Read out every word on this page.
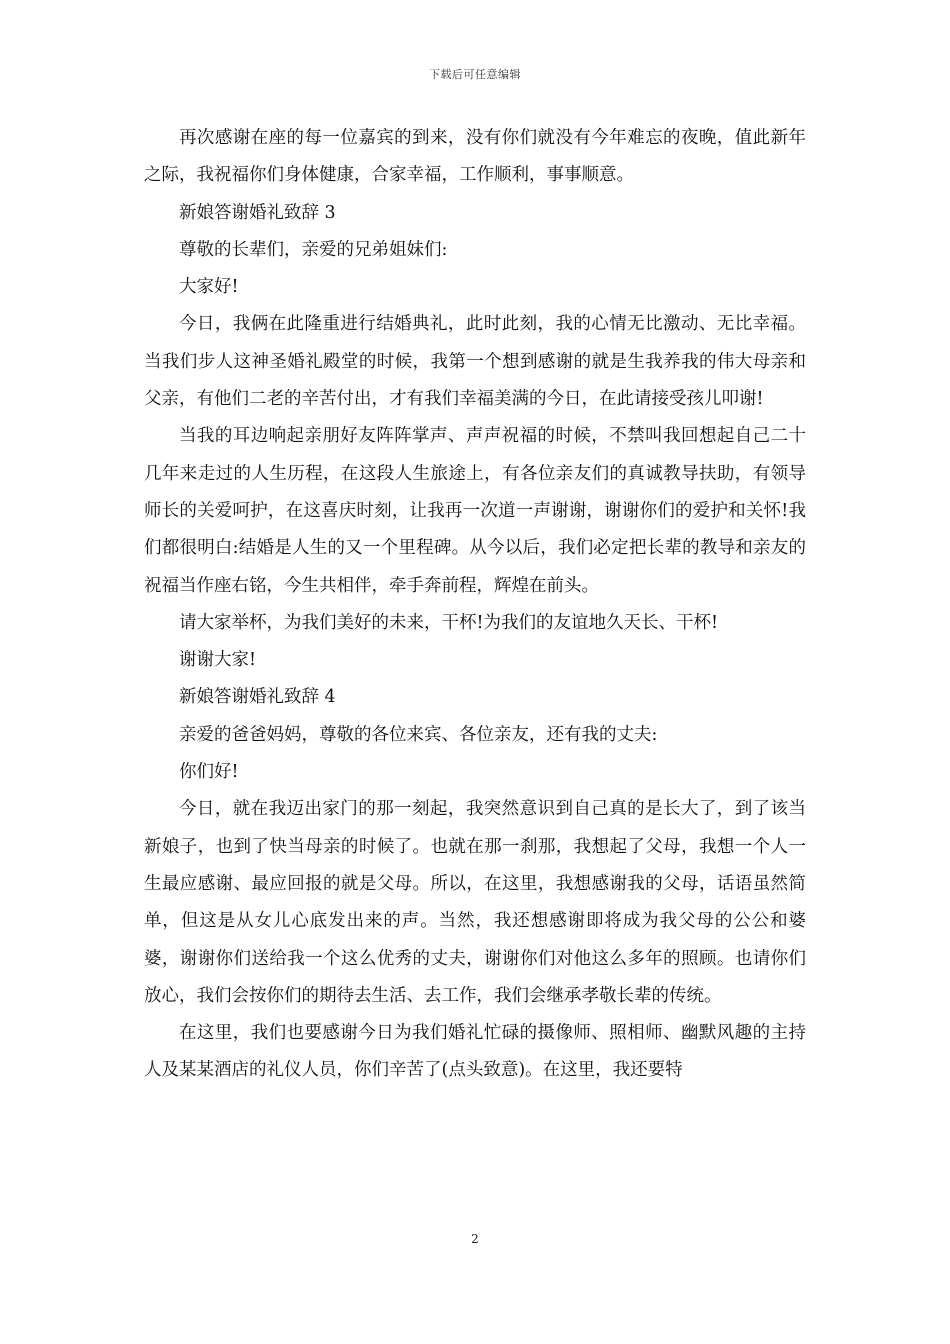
下载后可任意编辑

再次感谢在座的每一位嘉宾的到来，没有你们就没有今年难忘的夜晚，值此新年之际，我祝福你们身体健康，合家幸福，工作顺利，事事顺意。

新娘答谢婚礼致辞 3

尊敬的长辈们，亲爱的兄弟姐妹们:

大家好!

今日，我俩在此隆重进行结婚典礼，此时此刻，我的心情无比激动、无比幸福。当我们步人这神圣婚礼殿堂的时候，我第一个想到感谢的就是生我养我的伟大母亲和父亲，有他们二老的辛苦付出，才有我们幸福美满的今日，在此请接受孩儿叩谢!

当我的耳边响起亲朋好友阵阵掌声、声声祝福的时候，不禁叫我回想起自己二十几年来走过的人生历程，在这段人生旅途上，有各位亲友们的真诚教导扶助，有领导师长的关爱呵护，在这喜庆时刻，让我再一次道一声谢谢，谢谢你们的爱护和关怀!我们都很明白:结婚是人生的又一个里程碑。从今以后，我们必定把长辈的教导和亲友的祝福当作座右铭，今生共相伴，牵手奔前程，辉煌在前头。

请大家举杯，为我们美好的未来，干杯!为我们的友谊地久天长、干杯!

谢谢大家!

新娘答谢婚礼致辞 4

亲爱的爸爸妈妈，尊敬的各位来宾、各位亲友，还有我的丈夫:

你们好!

今日，就在我迈出家门的那一刻起，我突然意识到自己真的是长大了，到了该当新娘子，也到了快当母亲的时候了。也就在那一刹那，我想起了父母，我想一个人一生最应感谢、最应回报的就是父母。所以，在这里，我想感谢我的父母，话语虽然简单，但这是从女儿心底发出来的声。当然，我还想感谢即将成为我父母的公公和婆婆，谢谢你们送给我一个这么优秀的丈夫，谢谢你们对他这么多年的照顾。也请你们放心，我们会按你们的期待去生活、去工作，我们会继承孝敬长辈的传统。

在这里，我们也要感谢今日为我们婚礼忙碌的摄像师、照相师、幽默风趣的主持人及某某酒店的礼仪人员，你们辛苦了(点头致意)。在这里，我还要特

2
